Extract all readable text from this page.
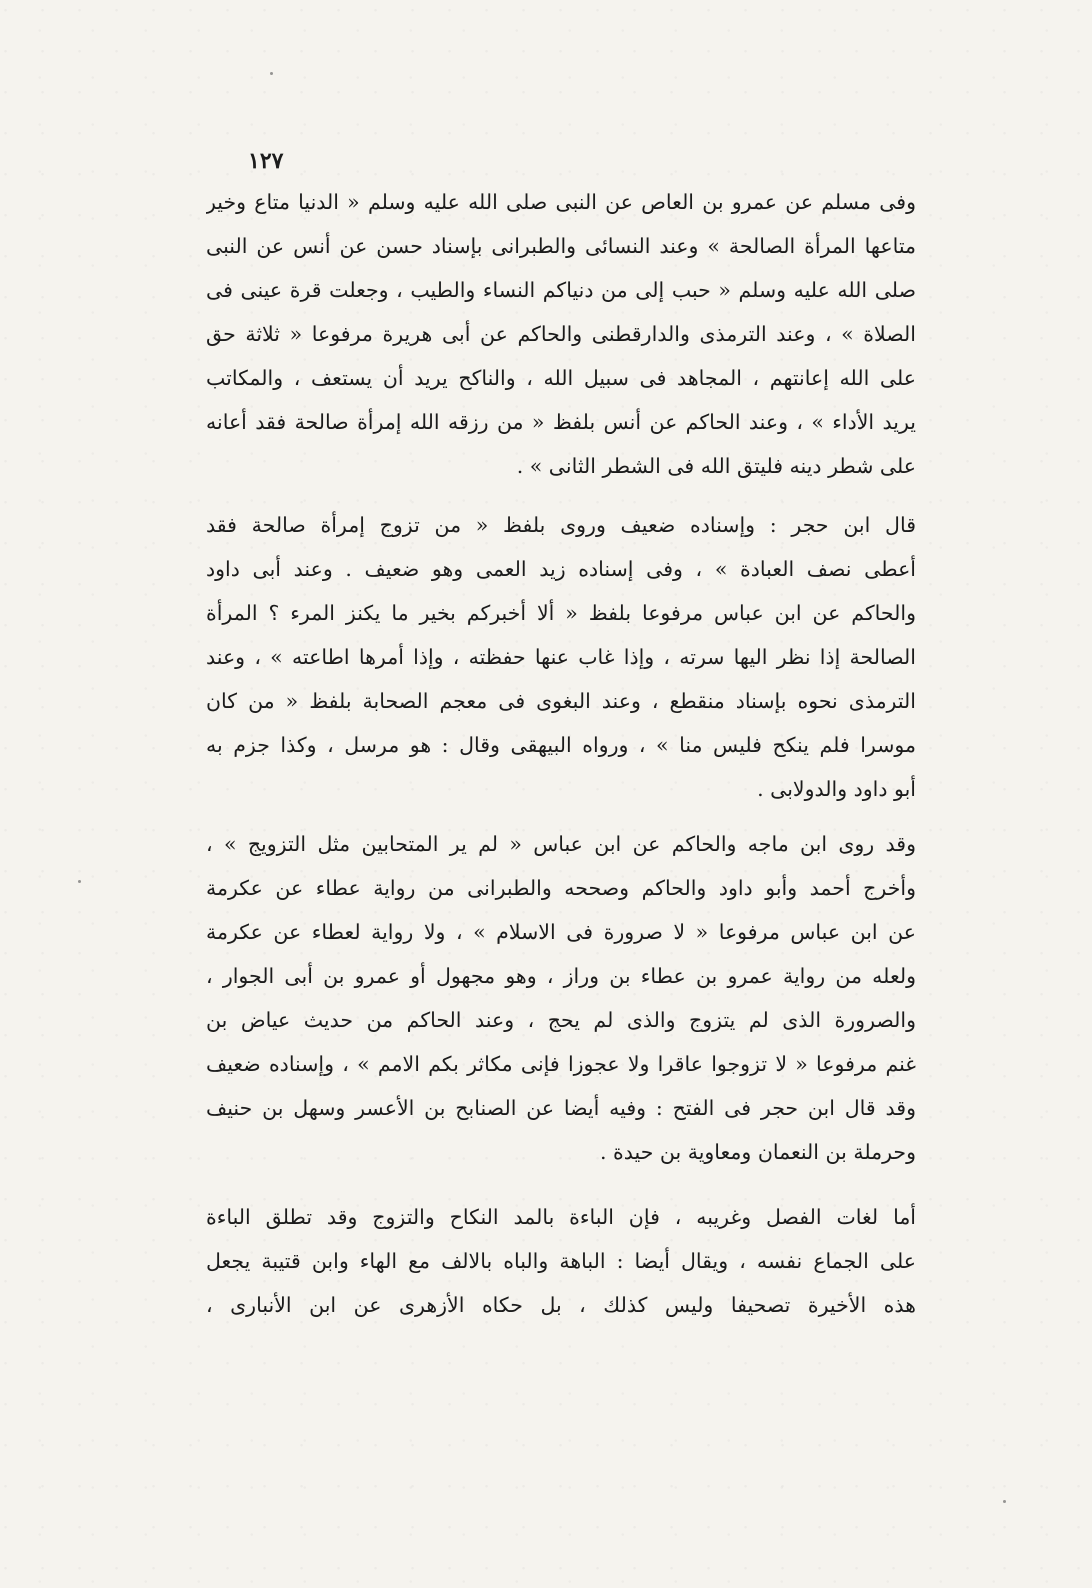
١٢٧
وفى مسلم عن عمرو بن العاص عن النبى صلى الله عليه وسلم « الدنيا متاع وخير
متاعها المرأة الصالحة » وعند النسائى والطبرانى بإسناد حسن عن أنس عن النبى
صلى الله عليه وسلم « حبب إلى من دنياكم النساء والطيب ، وجعلت قرة عينى فى
الصلاة » ، وعند الترمذى والدارقطنى والحاكم عن أبى هريرة مرفوعا « ثلاثة حق
على الله إعانتهم ، المجاهد فى سبيل الله ، والناكح يريد أن يستعف ، والمكاتب
يريد الأداء » ، وعند الحاكم عن أنس بلفظ « من رزقه الله إمرأة صالحة فقد أعانه
على شطر دينه فليتق الله فى الشطر الثانى » .
قال ابن حجر : وإسناده ضعيف وروى بلفظ « من تزوج إمرأة صالحة فقد
أعطى نصف العبادة » ، وفى إسناده زيد العمى وهو ضعيف . وعند أبى داود
والحاكم عن ابن عباس مرفوعا بلفظ « ألا أخبركم بخير ما يكنز المرء ؟ المرأة
الصالحة إذا نظر اليها سرته ، وإذا غاب عنها حفظته ، وإذا أمرها اطاعته » ، وعند
الترمذى نحوه بإسناد منقطع ، وعند البغوى فى معجم الصحابة بلفظ « من كان
موسرا فلم ينكح فليس منا » ، ورواه البيهقى وقال : هو مرسل ، وكذا جزم به
أبو داود والدولابى .
وقد روى ابن ماجه والحاكم عن ابن عباس « لم ير المتحابين مثل التزويج » ،
وأخرج أحمد وأبو داود والحاكم وصححه والطبرانى من رواية عطاء عن عكرمة
عن ابن عباس مرفوعا « لا صرورة فى الاسلام » ، ولا رواية لعطاء عن عكرمة
ولعله من رواية عمرو بن عطاء بن وراز ، وهو مجهول أو عمرو بن أبى الجوار ،
والصرورة الذى لم يتزوج والذى لم يحج ، وعند الحاكم من حديث عياض بن
غنم مرفوعا « لا تزوجوا عاقرا ولا عجوزا فإنى مكاثر بكم الامم » ، وإسناده ضعيف
وقد قال ابن حجر فى الفتح : وفيه أيضا عن الصنابح بن الأعسر وسهل بن حنيف
وحرملة بن النعمان ومعاوية بن حيدة .
أما لغات الفصل وغريبه ، فإن الباءة بالمد النكاح والتزوج وقد تطلق الباءة
على الجماع نفسه ، ويقال أيضا : الباهة والباه بالالف مع الهاء وابن قتيبة يجعل
هذه الأخيرة تصحيفا وليس كذلك ، بل حكاه الأزهرى عن ابن الأنبارى ،
